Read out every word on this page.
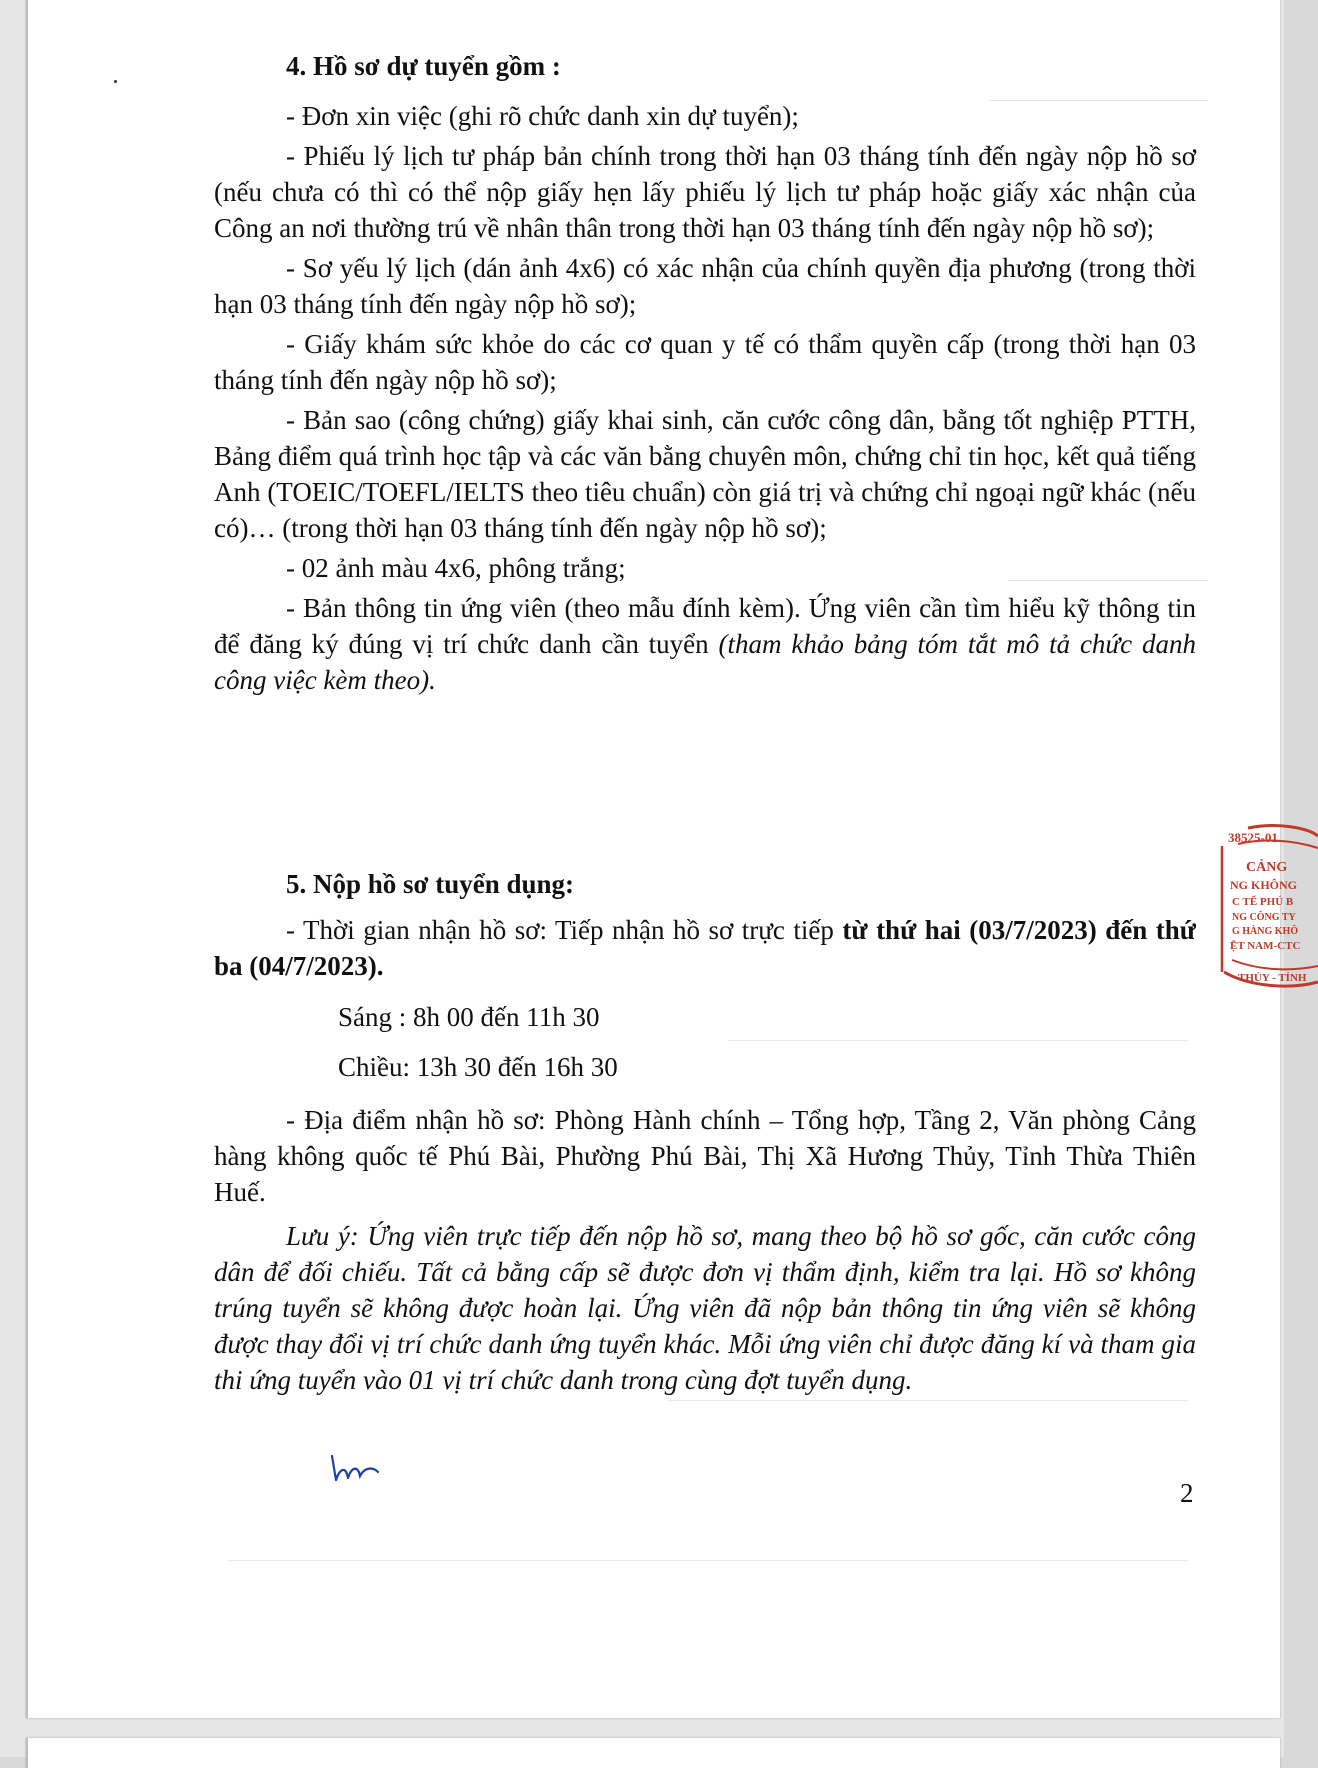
4. Hồ sơ dự tuyển gồm :

- Đơn xin việc (ghi rõ chức danh xin dự tuyển);

- Phiếu lý lịch tư pháp bản chính trong thời hạn 03 tháng tính đến ngày nộp hồ sơ (nếu chưa có thì có thể nộp giấy hẹn lấy phiếu lý lịch tư pháp hoặc giấy xác nhận của Công an nơi thường trú về nhân thân trong thời hạn 03 tháng tính đến ngày nộp hồ sơ);

- Sơ yếu lý lịch (dán ảnh 4x6) có xác nhận của chính quyền địa phương (trong thời hạn 03 tháng tính đến ngày nộp hồ sơ);

- Giấy khám sức khỏe do các cơ quan y tế có thẩm quyền cấp (trong thời hạn 03 tháng tính đến ngày nộp hồ sơ);

- Bản sao (công chứng) giấy khai sinh, căn cước công dân, bằng tốt nghiệp PTTH, Bảng điểm quá trình học tập và các văn bằng chuyên môn, chứng chỉ tin học, kết quả tiếng Anh (TOEIC/TOEFL/IELTS theo tiêu chuẩn) còn giá trị và chứng chỉ ngoại ngữ khác (nếu có)… (trong thời hạn 03 tháng tính đến ngày nộp hồ sơ);

- 02 ảnh màu 4x6, phông trắng;

- Bản thông tin ứng viên (theo mẫu đính kèm). Ứng viên cần tìm hiểu kỹ thông tin để đăng ký đúng vị trí chức danh cần tuyển (tham khảo bảng tóm tắt mô tả chức danh công việc kèm theo).

5. Nộp hồ sơ tuyển dụng:

- Thời gian nhận hồ sơ: Tiếp nhận hồ sơ trực tiếp từ thứ hai (03/7/2023) đến thứ ba (04/7/2023).

Sáng : 8h 00 đến 11h 30
Chiều: 13h 30 đến 16h 30

- Địa điểm nhận hồ sơ: Phòng Hành chính – Tổng hợp, Tầng 2, Văn phòng Cảng hàng không quốc tế Phú Bài, Phường Phú Bài, Thị Xã Hương Thủy, Tỉnh Thừa Thiên Huế.

Lưu ý: Ứng viên trực tiếp đến nộp hồ sơ, mang theo bộ hồ sơ gốc, căn cước công dân để đối chiếu. Tất cả bằng cấp sẽ được đơn vị thẩm định, kiểm tra lại. Hồ sơ không trúng tuyển sẽ không được hoàn lại. Ứng viên đã nộp bản thông tin ứng viên sẽ không được thay đổi vị trí chức danh ứng tuyển khác. Mỗi ứng viên chỉ được đăng kí và tham gia thi ứng tuyển vào 01 vị trí chức danh trong cùng đợt tuyển dụng.

2
38525-01
CẢNG
NG KHÔNG
C TẾ PHÚ B
NG CÔNG TY
G HÀNG KHÔ
ỆT NAM-CTC
THỦY - TỈNH
